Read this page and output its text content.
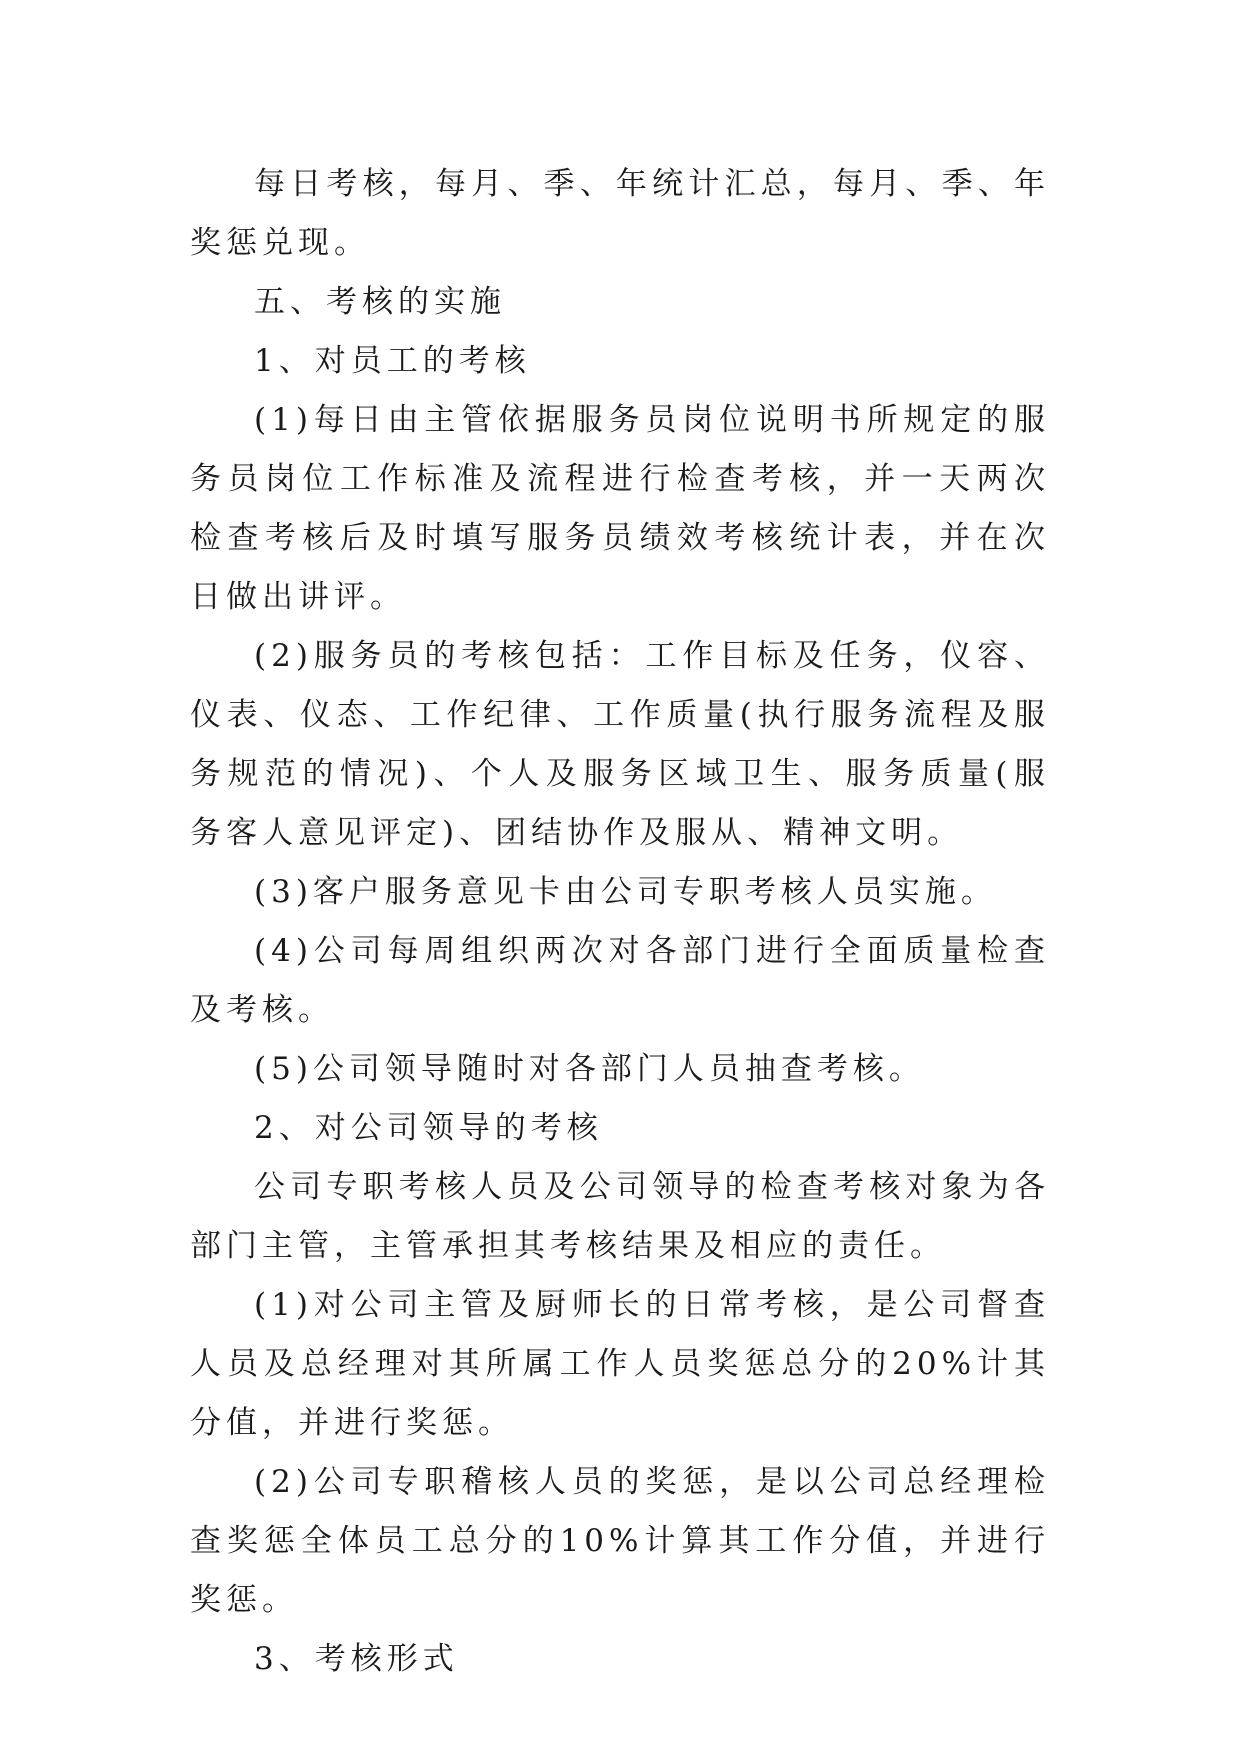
每日考核，每月、季、年统计汇总，每月、季、年奖惩兑现。

五、考核的实施

1、对员工的考核

(1)每日由主管依据服务员岗位说明书所规定的服务员岗位工作标准及流程进行检查考核，并一天两次检查考核后及时填写服务员绩效考核统计表，并在次日做出讲评。

(2)服务员的考核包括：工作目标及任务，仪容、仪表、仪态、工作纪律、工作质量(执行服务流程及服务规范的情况)、个人及服务区域卫生、服务质量(服务客人意见评定)、团结协作及服从、精神文明。

(3)客户服务意见卡由公司专职考核人员实施。

(4)公司每周组织两次对各部门进行全面质量检查及考核。

(5)公司领导随时对各部门人员抽查考核。

2、对公司领导的考核

公司专职考核人员及公司领导的检查考核对象为各部门主管，主管承担其考核结果及相应的责任。

(1)对公司主管及厨师长的日常考核，是公司督查人员及总经理对其所属工作人员奖惩总分的20%计其分值，并进行奖惩。

(2)公司专职稽核人员的奖惩，是以公司总经理检查奖惩全体员工总分的10%计算其工作分值，并进行奖惩。

3、考核形式
